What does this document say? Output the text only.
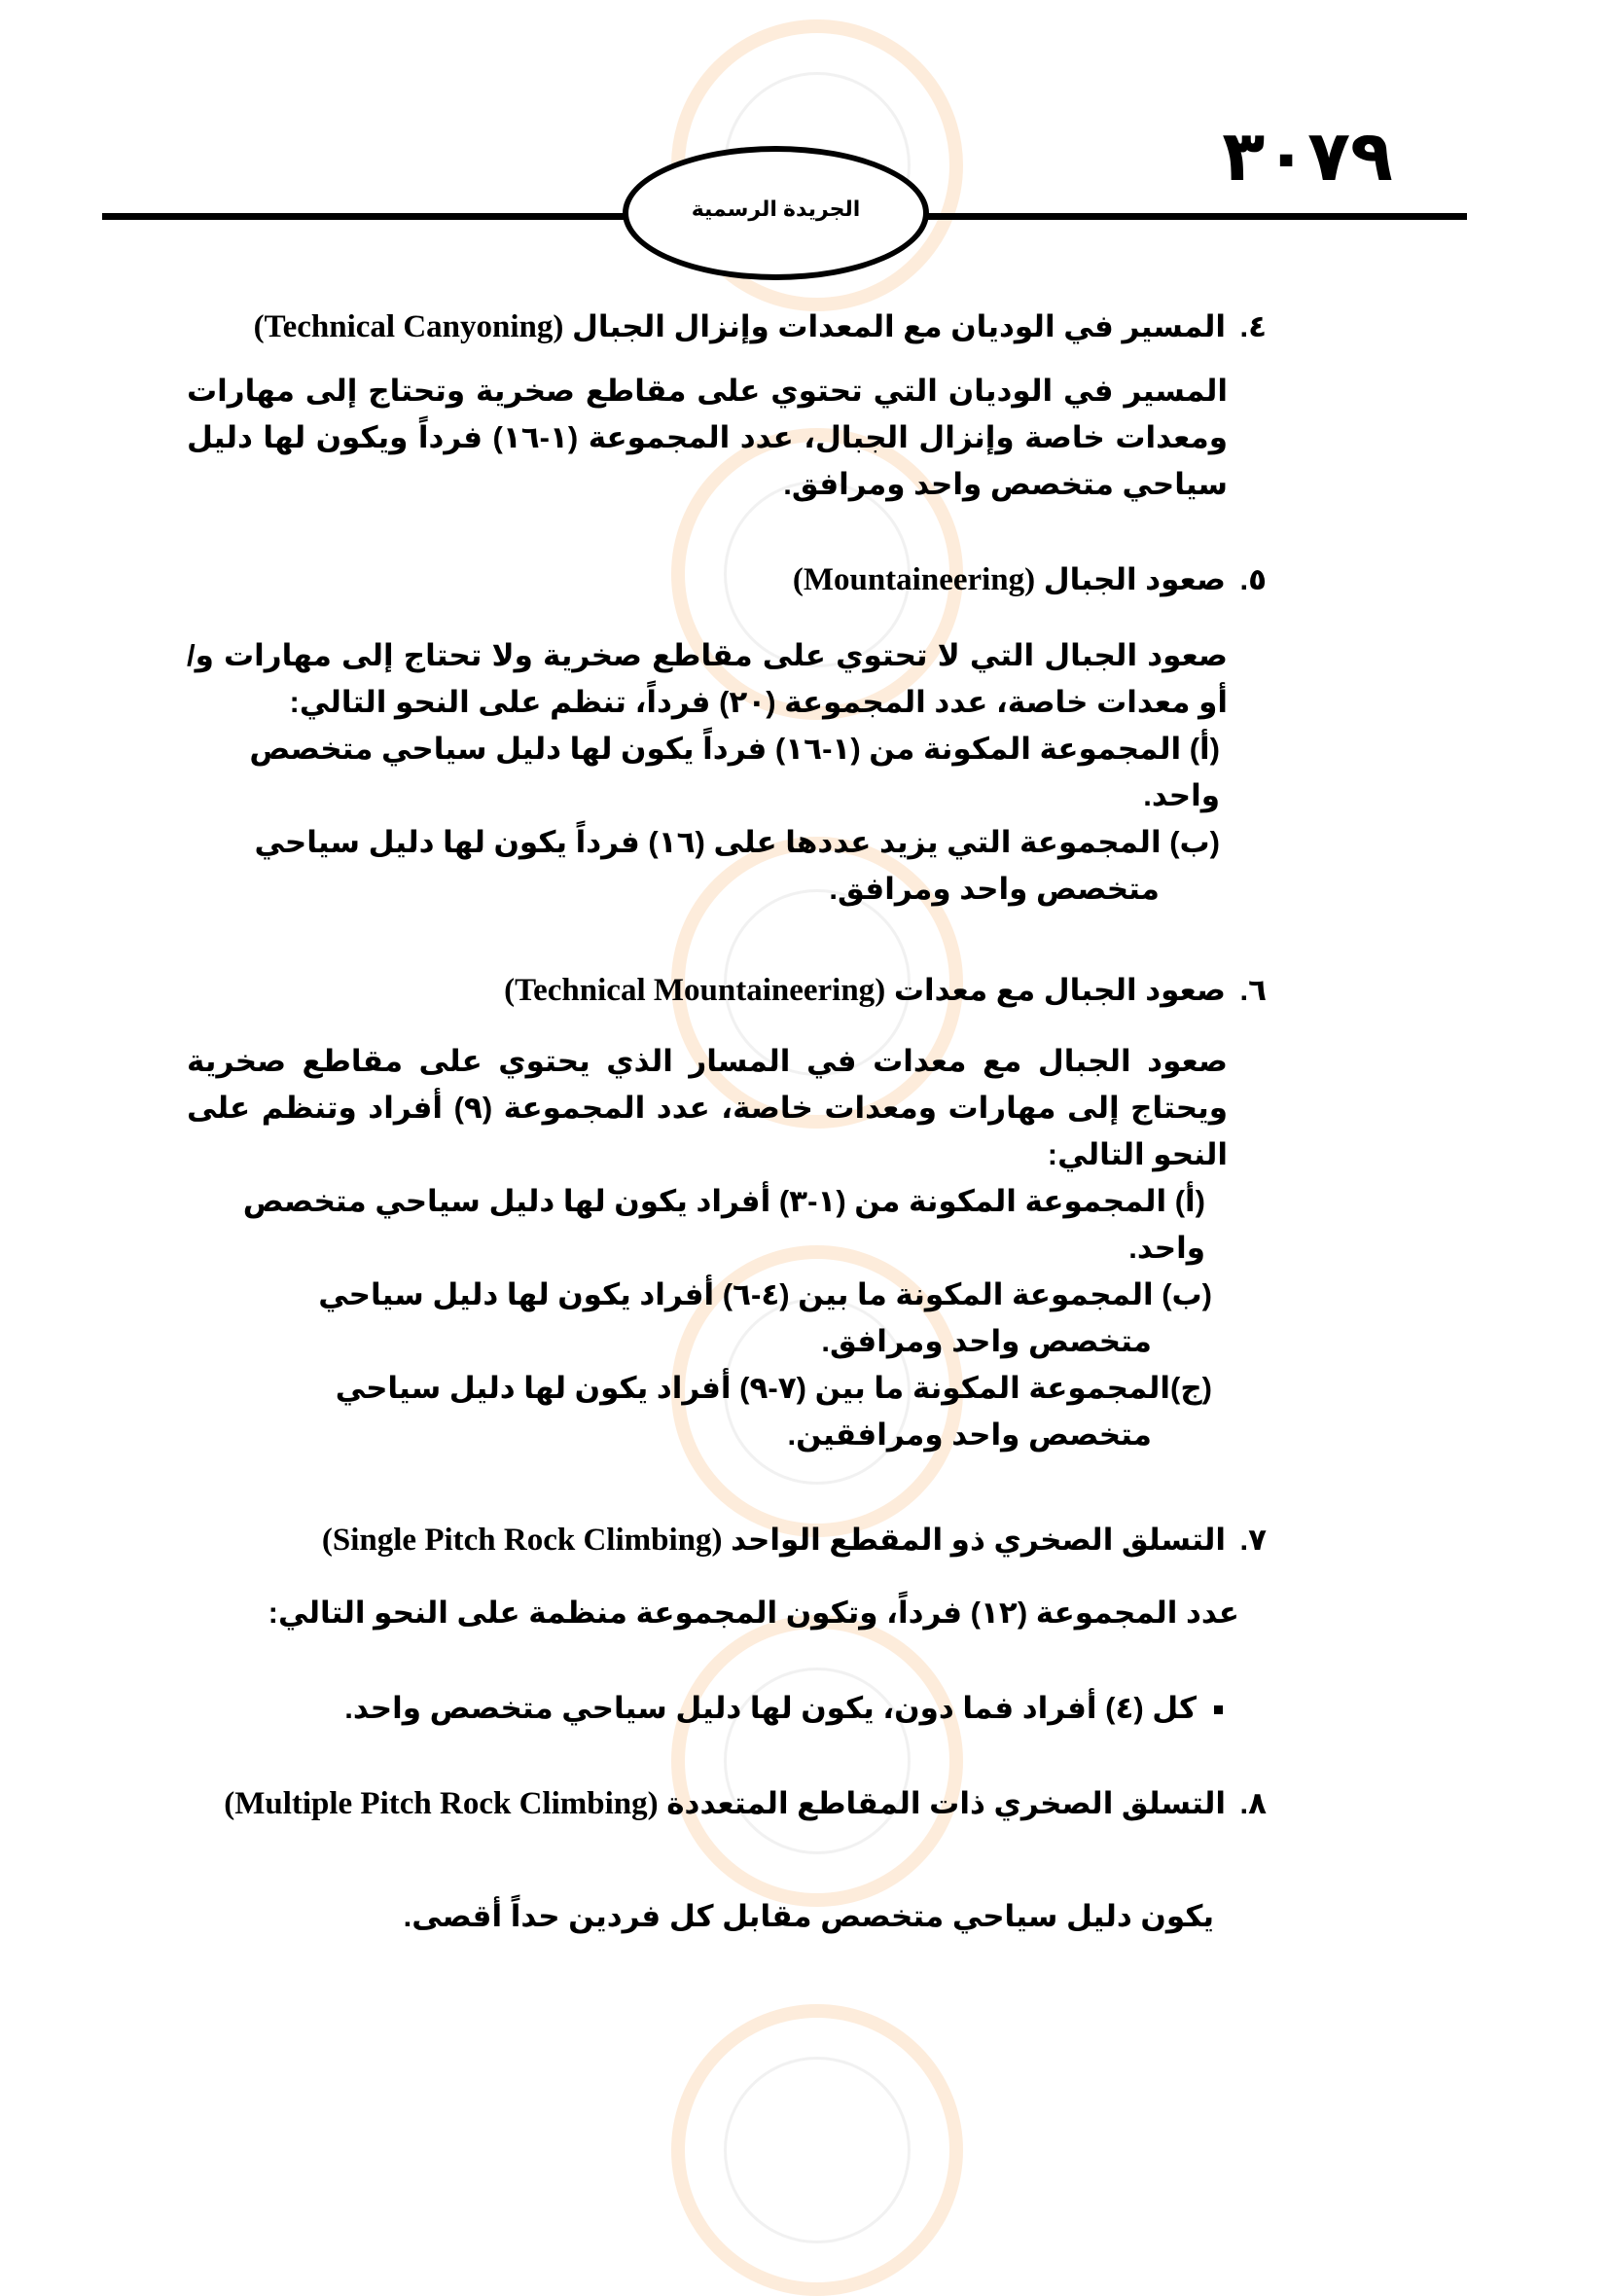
٣٠٧٩
الجريدة الرسمية
٤.المسير في الوديان مع المعدات وإنزال الجبال (Technical Canyoning)
المسير في الوديان التي تحتوي على مقاطع صخرية وتحتاج إلى مهارات ومعدات خاصة وإنزال الجبال، عدد المجموعة (١-١٦) فرداً ويكون لها دليل سياحي متخصص واحد ومرافق.
٥.صعود الجبال (Mountaineering)
صعود الجبال التي لا تحتوي على مقاطع صخرية ولا تحتاج إلى مهارات و/أو معدات خاصة، عدد المجموعة (٢٠) فرداً، تنظم على النحو التالي:
(أ) المجموعة المكونة من (١-١٦) فرداً يكون لها دليل سياحي متخصص واحد.
(ب) المجموعة التي يزيد عددها على (١٦) فرداً يكون لها دليل سياحي
متخصص واحد ومرافق.
٦.صعود الجبال مع معدات (Technical Mountaineering)
صعود الجبال مع معدات في المسار الذي يحتوي على مقاطع صخرية ويحتاج إلى مهارات ومعدات خاصة، عدد المجموعة (٩) أفراد وتنظم على النحو التالي:
(أ) المجموعة المكونة من (١-٣) أفراد يكون لها دليل سياحي متخصص واحد.
(ب) المجموعة المكونة ما بين (٤-٦) أفراد يكون لها دليل سياحي
متخصص واحد ومرافق.
(ج)المجموعة المكونة ما بين (٧-٩) أفراد يكون لها دليل سياحي
متخصص واحد ومرافقين.
٧.التسلق الصخري ذو المقطع الواحد (Single Pitch Rock Climbing)
عدد المجموعة (١٢) فرداً، وتكون المجموعة منظمة على النحو التالي:
كل (٤) أفراد فما دون، يكون لها دليل سياحي متخصص واحد.
٨.التسلق الصخري ذات المقاطع المتعددة (Multiple Pitch Rock Climbing)
يكون دليل سياحي متخصص مقابل كل فردين حداً أقصى.
